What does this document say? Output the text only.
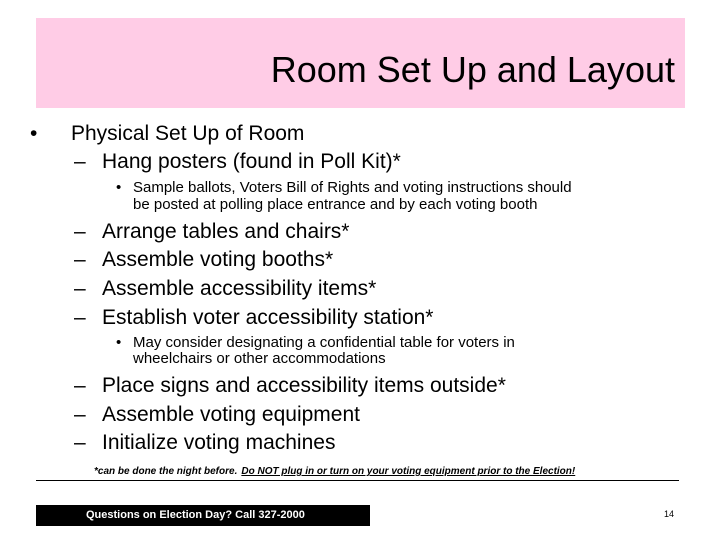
Room Set Up and Layout
• Physical Set Up of Room
– Hang posters (found in Poll Kit)*
• Sample ballots, Voters Bill of Rights and voting instructions should
be posted at polling place entrance and by each voting booth
– Arrange tables and chairs*
– Assemble voting booths*
– Assemble accessibility items*
– Establish voter accessibility station*
• May consider designating a confidential table for voters in
wheelchairs or other accommodations
– Place signs and accessibility items outside*
– Assemble voting equipment
– Initialize voting machines
*can be done the night before. Do NOT plug in or turn on your voting equipment prior to the Election!
Questions on Election Day? Call 327-2000	14
